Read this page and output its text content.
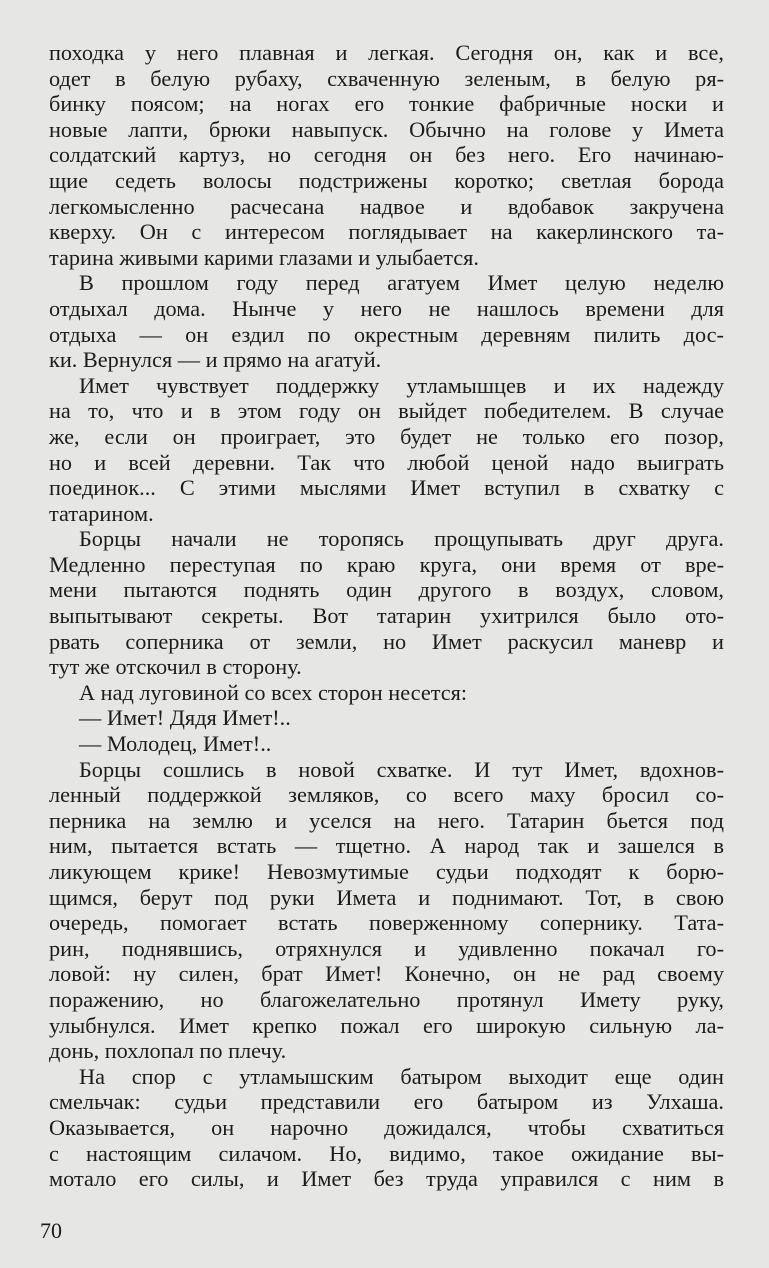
походка у него плавная и легкая. Сегодня он, как и все,
одет в белую рубаху, схваченную зеленым, в белую ря-
бинку поясом; на ногах его тонкие фабричные носки и
новые лапти, брюки навыпуск. Обычно на голове у Имета
солдатский картуз, но сегодня он без него. Его начинаю-
щие седеть волосы подстрижены коротко; светлая борода
легкомысленно расчесана надвое и вдобавок закручена
кверху. Он с интересом поглядывает на какерлинского та-
тарина живыми карими глазами и улыбается.
В прошлом году перед агатуем Имет целую неделю
отдыхал дома. Нынче у него не нашлось времени для
отдыха — он ездил по окрестным деревням пилить дос-
ки. Вернулся — и прямо на агатуй.
Имет чувствует поддержку утламышцев и их надежду
на то, что и в этом году он выйдет победителем. В случае
же, если он проиграет, это будет не только его позор,
но и всей деревни. Так что любой ценой надо выиграть
поединок... С этими мыслями Имет вступил в схватку с
татарином.
Борцы начали не торопясь прощупывать друг друга.
Медленно переступая по краю круга, они время от вре-
мени пытаются поднять один другого в воздух, словом,
выпытывают секреты. Вот татарин ухитрился было ото-
рвать соперника от земли, но Имет раскусил маневр и
тут же отскочил в сторону.
А над луговиной со всех сторон несется:
— Имет! Дядя Имет!..
— Молодец, Имет!..
Борцы сошлись в новой схватке. И тут Имет, вдохнов-
ленный поддержкой земляков, со всего маху бросил со-
перника на землю и уселся на него. Татарин бьется под
ним, пытается встать — тщетно. А народ так и зашелся в
ликующем крике! Невозмутимые судьи подходят к борю-
щимся, берут под руки Имета и поднимают. Тот, в свою
очередь, помогает встать поверженному сопернику. Тата-
рин, поднявшись, отряхнулся и удивленно покачал го-
ловой: ну силен, брат Имет! Конечно, он не рад своему
поражению, но благожелательно протянул Имету руку,
улыбнулся. Имет крепко пожал его широкую сильную ла-
донь, похлопал по плечу.
На спор с утламышским батыром выходит еще один
смельчак: судьи представили его батыром из Улхаша.
Оказывается, он нарочно дожидался, чтобы схватиться
с настоящим силачом. Но, видимо, такое ожидание вы-
мотало его силы, и Имет без труда управился с ним в
70
